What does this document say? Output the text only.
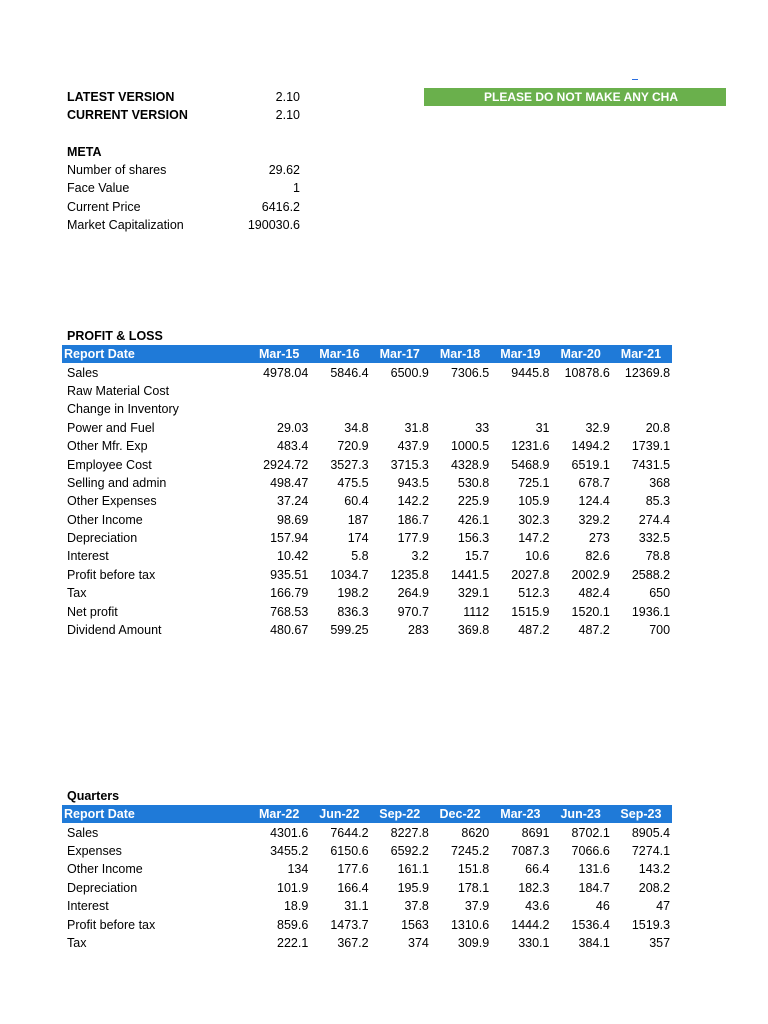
LATEST VERSION	2.10
CURRENT VERSION	2.10
PLEASE DO NOT MAKE ANY CHA
META
Number of shares	29.62
Face Value	1
Current Price	6416.2
Market Capitalization	190030.6
PROFIT & LOSS
Report Date	Mar-15	Mar-16	Mar-17	Mar-18	Mar-19	Mar-20	Mar-21
Sales	4978.04	5846.4	6500.9	7306.5	9445.8	10878.6	12369.8
Raw Material Cost							
Change in Inventory							
Power and Fuel	29.03	34.8	31.8	33	31	32.9	20.8
Other Mfr. Exp	483.4	720.9	437.9	1000.5	1231.6	1494.2	1739.1
Employee Cost	2924.72	3527.3	3715.3	4328.9	5468.9	6519.1	7431.5
Selling and admin	498.47	475.5	943.5	530.8	725.1	678.7	368
Other Expenses	37.24	60.4	142.2	225.9	105.9	124.4	85.3
Other Income	98.69	187	186.7	426.1	302.3	329.2	274.4
Depreciation	157.94	174	177.9	156.3	147.2	273	332.5
Interest	10.42	5.8	3.2	15.7	10.6	82.6	78.8
Profit before tax	935.51	1034.7	1235.8	1441.5	2027.8	2002.9	2588.2
Tax	166.79	198.2	264.9	329.1	512.3	482.4	650
Net profit	768.53	836.3	970.7	1112	1515.9	1520.1	1936.1
Dividend Amount	480.67	599.25	283	369.8	487.2	487.2	700
Quarters
Report Date	Mar-22	Jun-22	Sep-22	Dec-22	Mar-23	Jun-23	Sep-23
Sales	4301.6	7644.2	8227.8	8620	8691	8702.1	8905.4
Expenses	3455.2	6150.6	6592.2	7245.2	7087.3	7066.6	7274.1
Other Income	134	177.6	161.1	151.8	66.4	131.6	143.2
Depreciation	101.9	166.4	195.9	178.1	182.3	184.7	208.2
Interest	18.9	31.1	37.8	37.9	43.6	46	47
Profit before tax	859.6	1473.7	1563	1310.6	1444.2	1536.4	1519.3
Tax	222.1	367.2	374	309.9	330.1	384.1	357
